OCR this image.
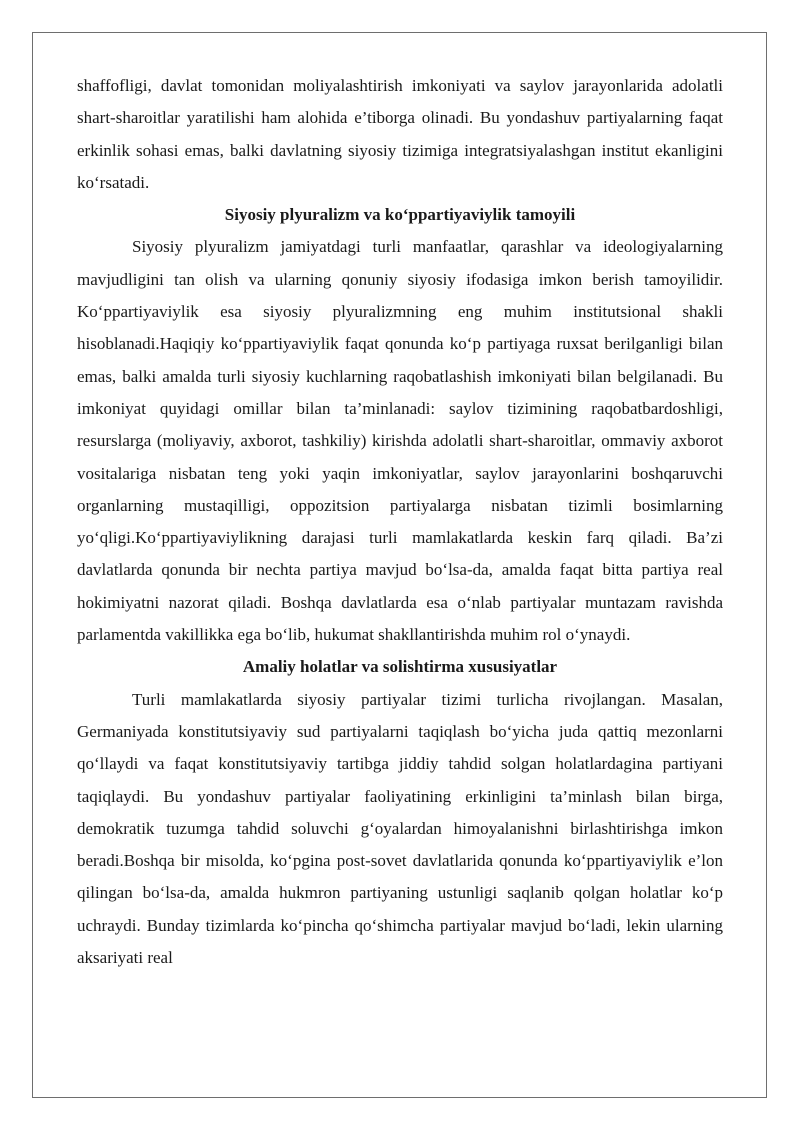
shaffofligi, davlat tomonidan moliyalashtirish imkoniyati va saylov jarayonlarida adolatli shart-sharoitlar yaratilishi ham alohida e’tiborga olinadi. Bu yondashuv partiyalarning faqat erkinlik sohasi emas, balki davlatning siyosiy tizimiga integratsiyalashgan institut ekanligini ko‘rsatadi.

Siyosiy plyuralizm va ko‘ppartiyaviylik tamoyili

Siyosiy plyuralizm jamiyatdagi turli manfaatlar, qarashlar va ideologiyalarning mavjudligini tan olish va ularning qonuniy siyosiy ifodasiga imkon berish tamoyilidir. Ko‘ppartiyaviylik esa siyosiy plyuralizmning eng muhim institutsional shakli hisoblanadi.Haqiqiy ko‘ppartiyaviylik faqat qonunda ko‘p partiyaga ruxsat berilganligi bilan emas, balki amalda turli siyosiy kuchlarning raqobatlashish imkoniyati bilan belgilanadi. Bu imkoniyat quyidagi omillar bilan ta’minlanadi: saylov tizimining raqobatbardoshligi, resurslarga (moliyaviy, axborot, tashkiliy) kirishda adolatli shart-sharoitlar, ommaviy axborot vositalariga nisbatan teng yoki yaqin imkoniyatlar, saylov jarayonlarini boshqaruvchi organlarning mustaqilligi, oppozitsion partiyalarga nisbatan tizimli bosimlarning yo‘qligi.Ko‘ppartiyaviylikning darajasi turli mamlakatlarda keskin farq qiladi. Ba’zi davlatlarda qonunda bir nechta partiya mavjud bo‘lsa-da, amalda faqat bitta partiya real hokimiyatni nazorat qiladi. Boshqa davlatlarda esa o‘nlab partiyalar muntazam ravishda parlamentda vakillikka ega bo‘lib, hukumat shakllantirishda muhim rol o‘ynaydi.

Amaliy holatlar va solishtirma xususiyatlar

Turli mamlakatlarda siyosiy partiyalar tizimi turlicha rivojlangan. Masalan, Germaniyada konstitutsiyaviy sud partiyalarni taqiqlash bo‘yicha juda qattiq mezonlarni qo‘llaydi va faqat konstitutsiyaviy tartibga jiddiy tahdid solgan holatlardagina partiyani taqiqlaydi. Bu yondashuv partiyalar faoliyatining erkinligini ta’minlash bilan birga, demokratik tuzumga tahdid soluvchi g‘oyalardan himoyalanishni birlashtirishga imkon beradi.Boshqa bir misolda, ko‘pgina post-sovet davlatlarida qonunda ko‘ppartiyaviylik e’lon qilingan bo‘lsa-da, amalda hukmron partiyaning ustunligi saqlanib qolgan holatlar ko‘p uchraydi. Bunday tizimlarda ko‘pincha qo‘shimcha partiyalar mavjud bo‘ladi, lekin ularning aksariyati real
